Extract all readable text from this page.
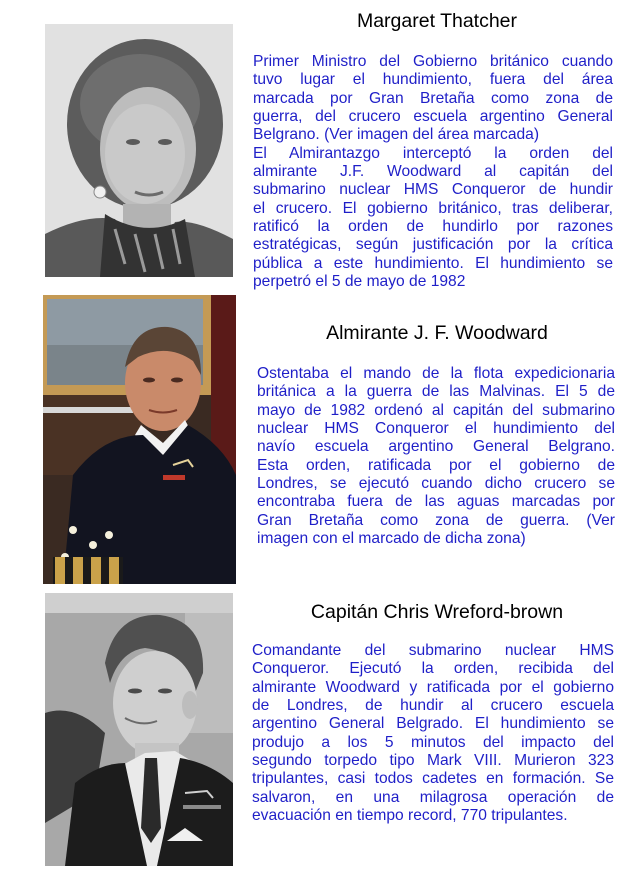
Margaret Thatcher
Primer Ministro del Gobierno británico cuando
tuvo lugar el hundimiento, fuera del área
marcada por Gran Bretaña como zona de
guerra, del crucero escuela argentino General
Belgrano. (Ver imagen del área marcada)
El Almirantazgo interceptó la orden del
almirante J.F. Woodward al capitán del
submarino nuclear HMS Conqueror de hundir
el crucero. El gobierno británico, tras deliberar,
ratificó la orden de hundirlo por razones
estratégicas, según justificación por la crítica
pública a este hundimiento. El hundimiento se
perpetró el 5 de mayo de 1982
Almirante J. F. Woodward
Ostentaba el mando de la flota expedicionaria
británica a la guerra de las Malvinas. El 5 de
mayo de 1982 ordenó al capitán del submarino
nuclear HMS Conqueror el hundimiento del
navío escuela argentino General Belgrano.
Esta orden, ratificada por el gobierno de
Londres, se ejecutó cuando dicho crucero se
encontraba fuera de las aguas marcadas por
Gran Bretaña como zona de guerra. (Ver
imagen con el marcado de dicha zona)
Capitán Chris Wreford-brown
Comandante del submarino nuclear HMS
Conqueror. Ejecutó la orden, recibida del
almirante Woodward y ratificada por el gobierno
de Londres, de hundir al crucero escuela
argentino General Belgrado. El hundimiento se
produjo a los 5 minutos del impacto del
segundo torpedo tipo Mark VIII. Murieron 323
tripulantes, casi todos cadetes en formación. Se
salvaron, en una milagrosa operación de
evacuación en tiempo record, 770 tripulantes.
